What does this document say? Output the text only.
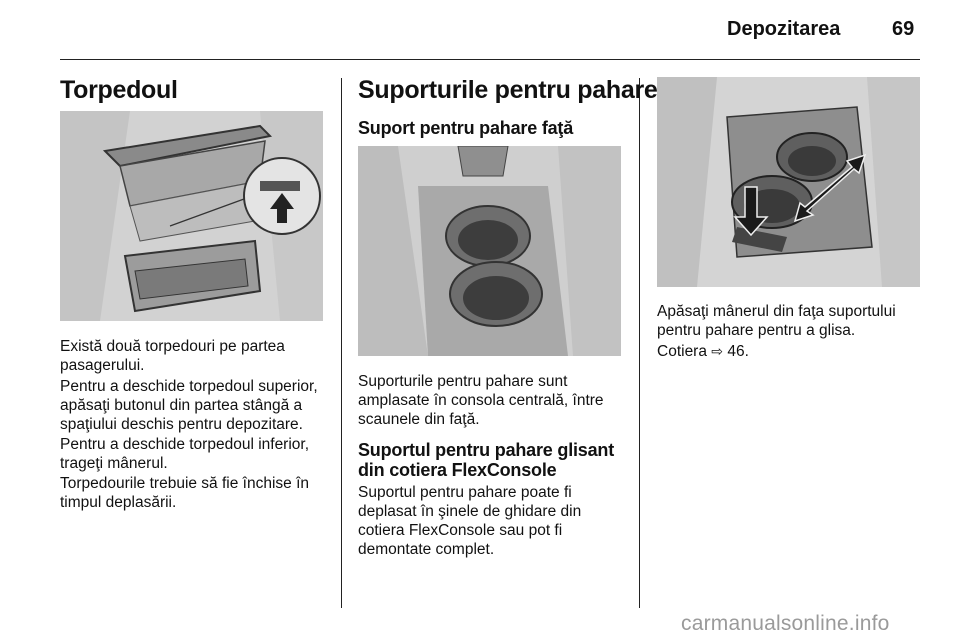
Depozitarea	69
Torpedoul

Există două torpedouri pe partea pasagerului.

Pentru a deschide torpedoul superior, apăsaţi butonul din partea stângă a spaţiului deschis pentru depozitare.

Pentru a deschide torpedoul inferior, trageţi mânerul.

Torpedourile trebuie să fie închise în timpul deplasării.

Suporturile pentru pahare
Suport pentru pahare faţă

Suporturile pentru pahare sunt amplasate în consola centrală, între scaunele din faţă.

Suportul pentru pahare glisant din cotiera FlexConsole

Suportul pentru pahare poate fi deplasat în şinele de ghidare din cotiera FlexConsole sau pot fi demontate complet.

Apăsaţi mânerul din faţa suportului pentru pahare pentru a glisa.

Cotiera ⇨ 46.

carmanualsonline.info
